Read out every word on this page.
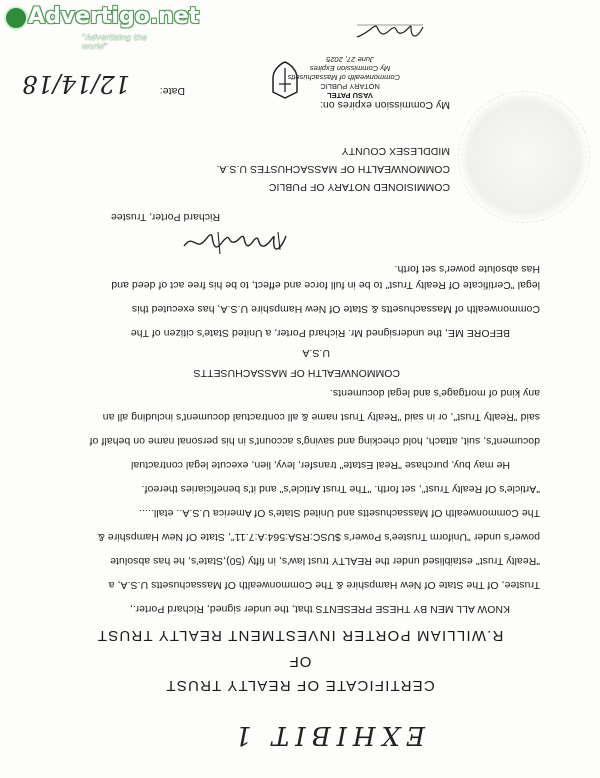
EXHIBIT 1
CERTIFICATE OF REALTY TRUST
OF
R.WILLIAM PORTER INVESTMENT REALTY TRUST
KNOW ALL MEN BY THESE PRESENTS that, the under signed, Richard Porter.,
Trustee, Of The State Of New Hampshire & The Commonwealth Of Massachusetts U.S.A, a
"Realty Trust" estaiblised under the REALTY trust law's, in fifty (50),State's, he has absolute
power's under "Uniform Trustee's Power's $USC:RSA:564:A:7.11", State Of New Hampshire &
The Commonwealth Of Massachusetts and United State's Of America U.S.A.. etall.....
"Article's Of Realty Trust", set forth. "The Trust Article's" and it's beneficiaries thereof.
He may buy, purchase "Real Estate" transfer, levy, lien, execute legal contractual
document's, suit, attach, hold checking and saving's account's in his personal name on behalf of
said "Realty Trust", or in said "Realty Trust name & all contractual document's including all an
any kind of mortgage's and legal documents.
COMMONWEALTH OF MASSACHUSETTS
U.S.A
BEFORE ME, the undersigned Mr. Richard Porter, a United State's citizen of The
Commonwealth of Massachusetts & State Of New Hampshire U.S.A, has executed this
legal "Certificate Of Realty Trust" to be in full force and effect, to be his free act of deed and
Has absolute power's set forth.
Richard Porter, Trustee
COMMISIONED NOTARY OF PUBLIC
COMMONWEALTH OF MASSACHUSTES U.S.A.
MIDDLESEX COUNTY
My Commission expires on:
Date:
12/14/18	VASU PATEL
NOTARY PUBLIC
Commonwealth of Massachusetts
My Commission Expires
June 27, 2025
Advertigo.net
"Advertising the world"
